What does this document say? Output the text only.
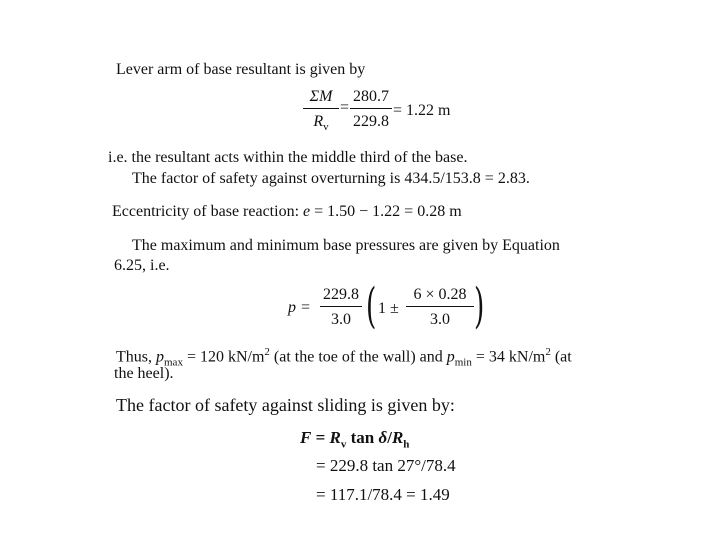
Lever arm of base resultant is given by
ΣM
$R_v$
=
280.7
229.8
= 1.22 m
i.e. the resultant acts within the middle third of the base.
The factor of safety against overturning is 434.5/153.8 = 2.83.
Eccentricity of base reaction: e = 1.50 − 1.22 = 0.28 m
The maximum and minimum base pressures are given by Equation
6.25, i.e.
p =
229.8
3.0 ( 1 ±
6 × 0.28
3.0 )
Thus, $p_{max} = 120$ $kN/m^2$ (at the toe of the wall) and $p_{min} = 34$ $kN/m^2$ (at
the heel).
The factor of safety against sliding is given by:
$F = R_v$ $\tan \delta/R_h$
= 229.8 tan 27°/78.4
= 117.1/78.4 = 1.49
